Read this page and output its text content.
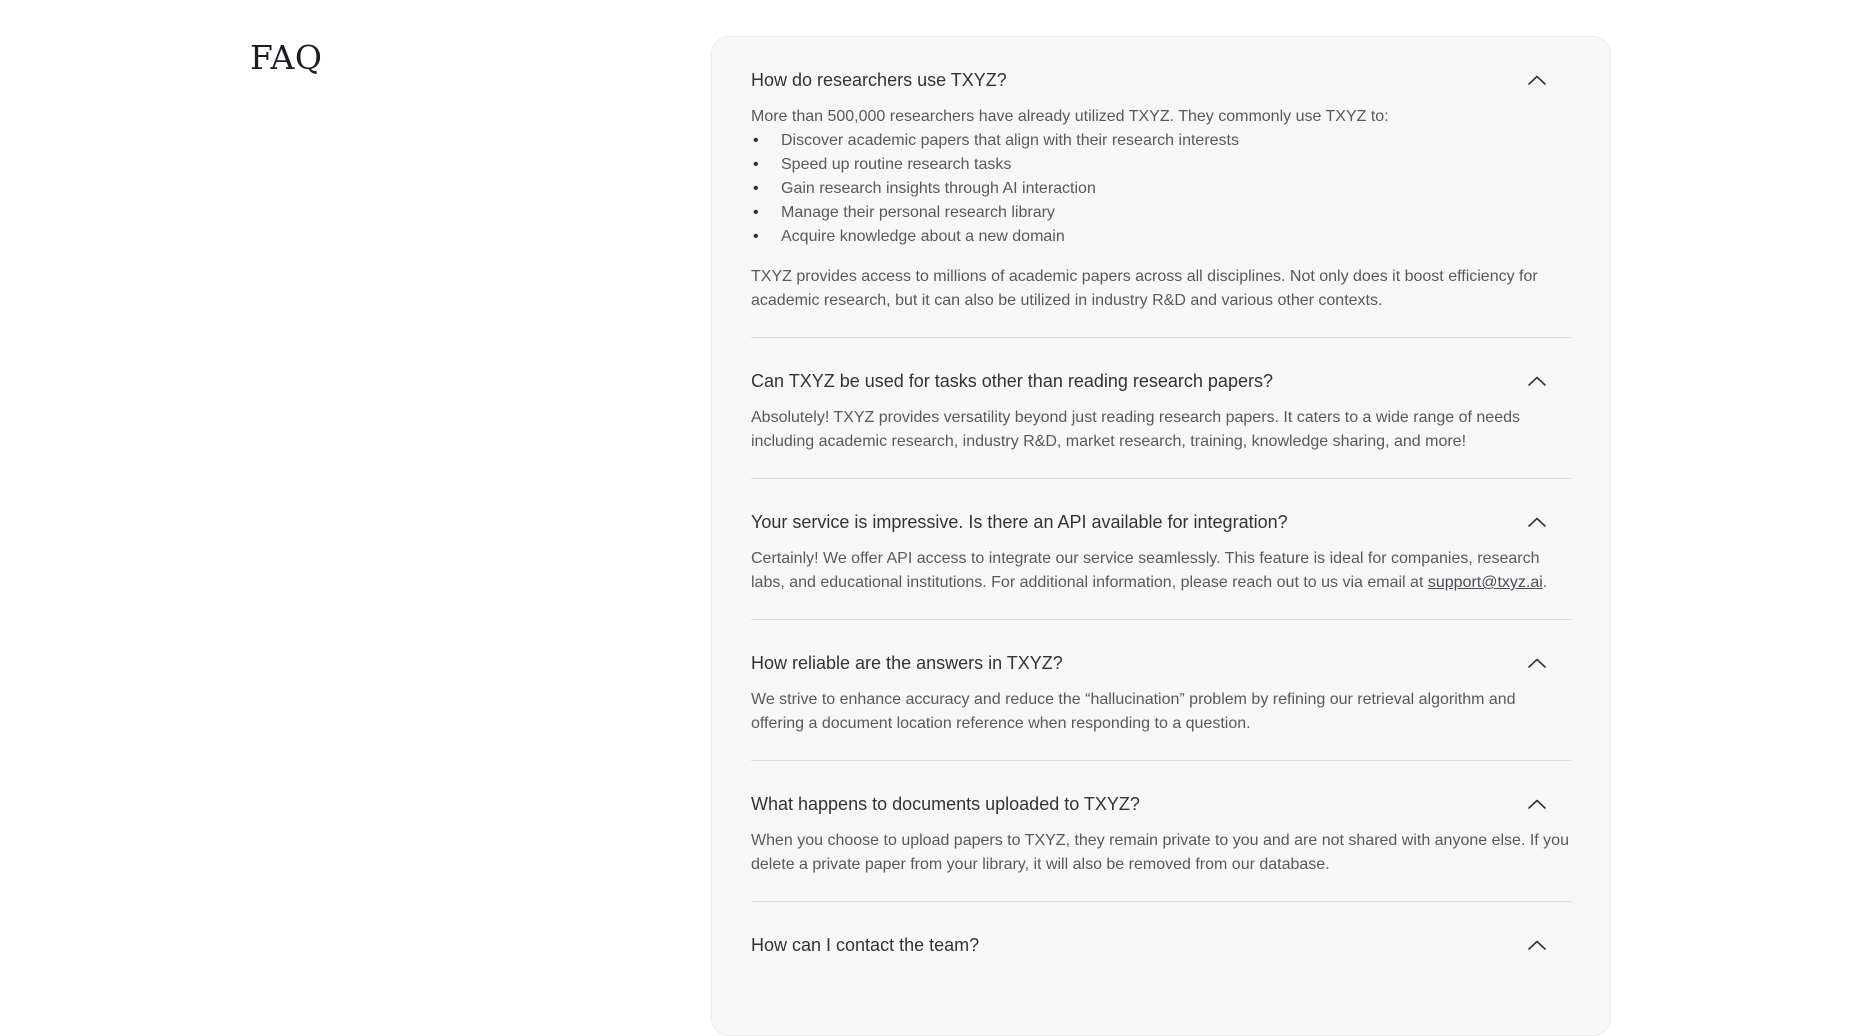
FAQ
How do researchers use TXYZ?

More than 500,000 researchers have already utilized TXYZ. They commonly use TXYZ to:

• Discover academic papers that align with their research interests
• Speed up routine research tasks
• Gain research insights through AI interaction
• Manage their personal research library
• Acquire knowledge about a new domain

TXYZ provides access to millions of academic papers across all disciplines. Not only does it boost efficiency for academic research, but it can also be utilized in industry R&D and various other contexts.

Can TXYZ be used for tasks other than reading research papers?

Absolutely! TXYZ provides versatility beyond just reading research papers. It caters to a wide range of needs including academic research, industry R&D, market research, training, knowledge sharing, and more!

Your service is impressive. Is there an API available for integration?

Certainly! We offer API access to integrate our service seamlessly. This feature is ideal for companies, research labs, and educational institutions. For additional information, please reach out to us via email at support@txyz.ai.

How reliable are the answers in TXYZ?

We strive to enhance accuracy and reduce the “hallucination” problem by refining our retrieval algorithm and offering a document location reference when responding to a question.

What happens to documents uploaded to TXYZ?

When you choose to upload papers to TXYZ, they remain private to you and are not shared with anyone else. If you delete a private paper from your library, it will also be removed from our database.

How can I contact the team?
